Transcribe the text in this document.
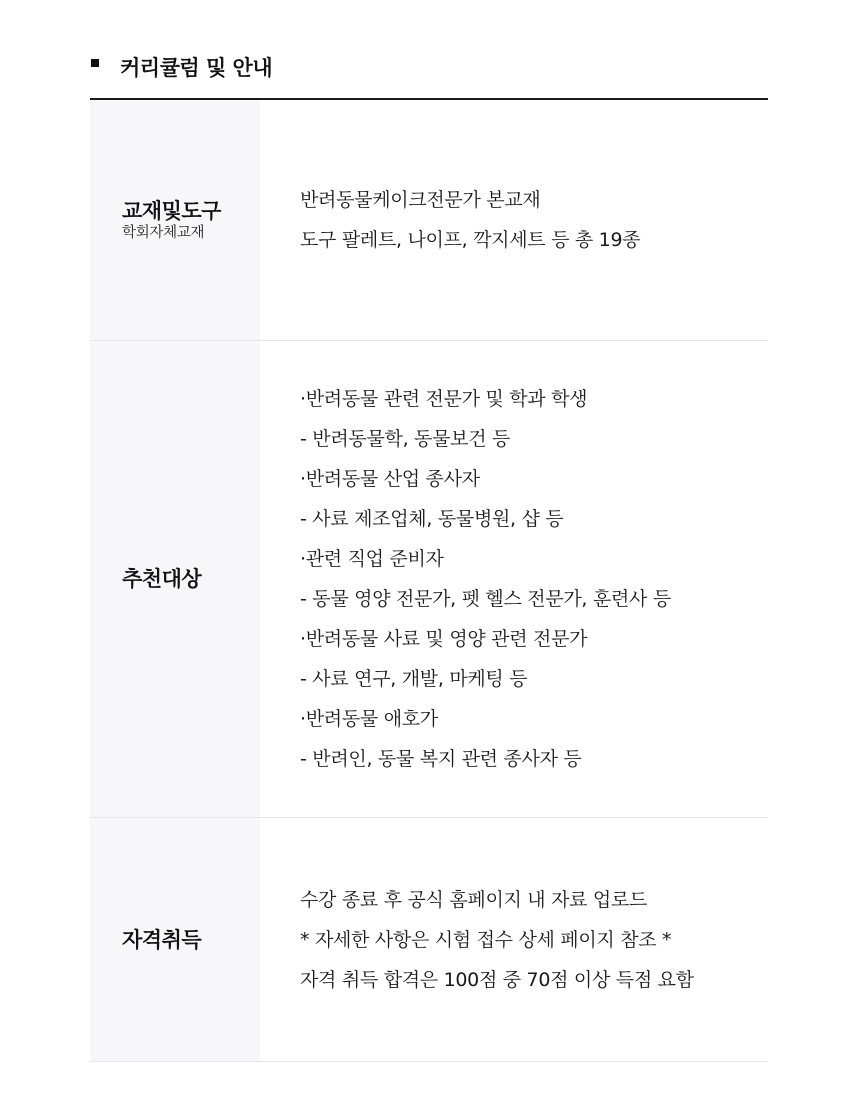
커리큘럼 및 안내
교재및도구
학회자체교재
반려동물케이크전문가 본교재
도구 팔레트, 나이프, 깍지세트 등 총 19종
추천대상
·반려동물 관련 전문가 및 학과 학생
- 반려동물학, 동물보건 등
·반려동물 산업 종사자
- 사료 제조업체, 동물병원, 샵 등
·관련 직업 준비자
- 동물 영양 전문가, 펫 헬스 전문가, 훈련사 등
·반려동물 사료 및 영양 관련 전문가
- 사료 연구, 개발, 마케팅 등
·반려동물 애호가
- 반려인, 동물 복지 관련 종사자 등
자격취득
수강 종료 후 공식 홈페이지 내 자료 업로드
* 자세한 사항은 시험 접수 상세 페이지 참조 *
자격 취득 합격은 100점 중 70점 이상 득점 요함
